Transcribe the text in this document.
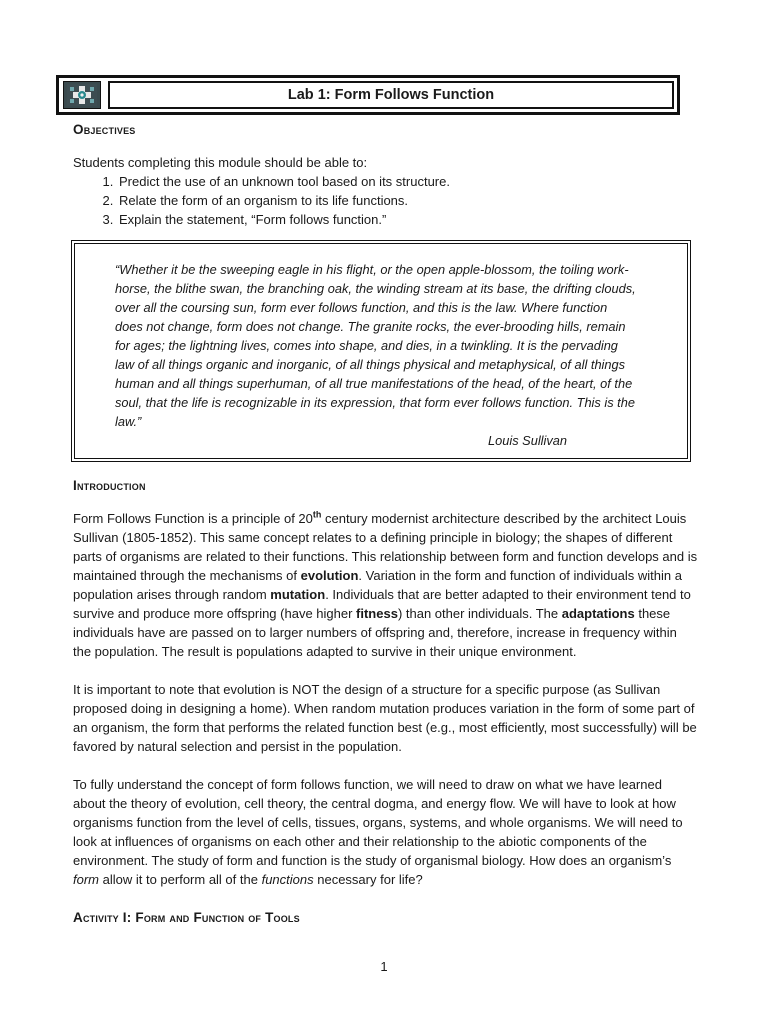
Lab 1: Form Follows Function
Objectives
Students completing this module should be able to:
1. Predict the use of an unknown tool based on its structure.
2. Relate the form of an organism to its life functions.
3. Explain the statement, “Form follows function.”
“Whether it be the sweeping eagle in his flight, or the open apple-blossom, the toiling work-horse, the blithe swan, the branching oak, the winding stream at its base, the drifting clouds, over all the coursing sun, form ever follows function, and this is the law. Where function does not change, form does not change. The granite rocks, the ever-brooding hills, remain for ages; the lightning lives, comes into shape, and dies, in a twinkling. It is the pervading law of all things organic and inorganic, of all things physical and metaphysical, of all things human and all things superhuman, of all true manifestations of the head, of the heart, of the soul, that the life is recognizable in its expression, that form ever follows function. This is the law.”
Louis Sullivan
Introduction

Form Follows Function is a principle of 20th century modernist architecture described by the architect Louis Sullivan (1805-1852). This same concept relates to a defining principle in biology; the shapes of different parts of organisms are related to their functions. This relationship between form and function develops and is maintained through the mechanisms of evolution. Variation in the form and function of individuals within a population arises through random mutation. Individuals that are better adapted to their environment tend to survive and produce more offspring (have higher fitness) than other individuals. The adaptations these individuals have are passed on to larger numbers of offspring and, therefore, increase in frequency within the population. The result is populations adapted to survive in their unique environment.

It is important to note that evolution is NOT the design of a structure for a specific purpose (as Sullivan proposed doing in designing a home). When random mutation produces variation in the form of some part of an organism, the form that performs the related function best (e.g., most efficiently, most successfully) will be favored by natural selection and persist in the population.

To fully understand the concept of form follows function, we will need to draw on what we have learned about the theory of evolution, cell theory, the central dogma, and energy flow. We will have to look at how organisms function from the level of cells, tissues, organs, systems, and whole organisms. We will need to look at influences of organisms on each other and their relationship to the abiotic components of the environment. The study of form and function is the study of organismal biology. How does an organism’s form allow it to perform all of the functions necessary for life?

Activity I: Form and Function of Tools
1
